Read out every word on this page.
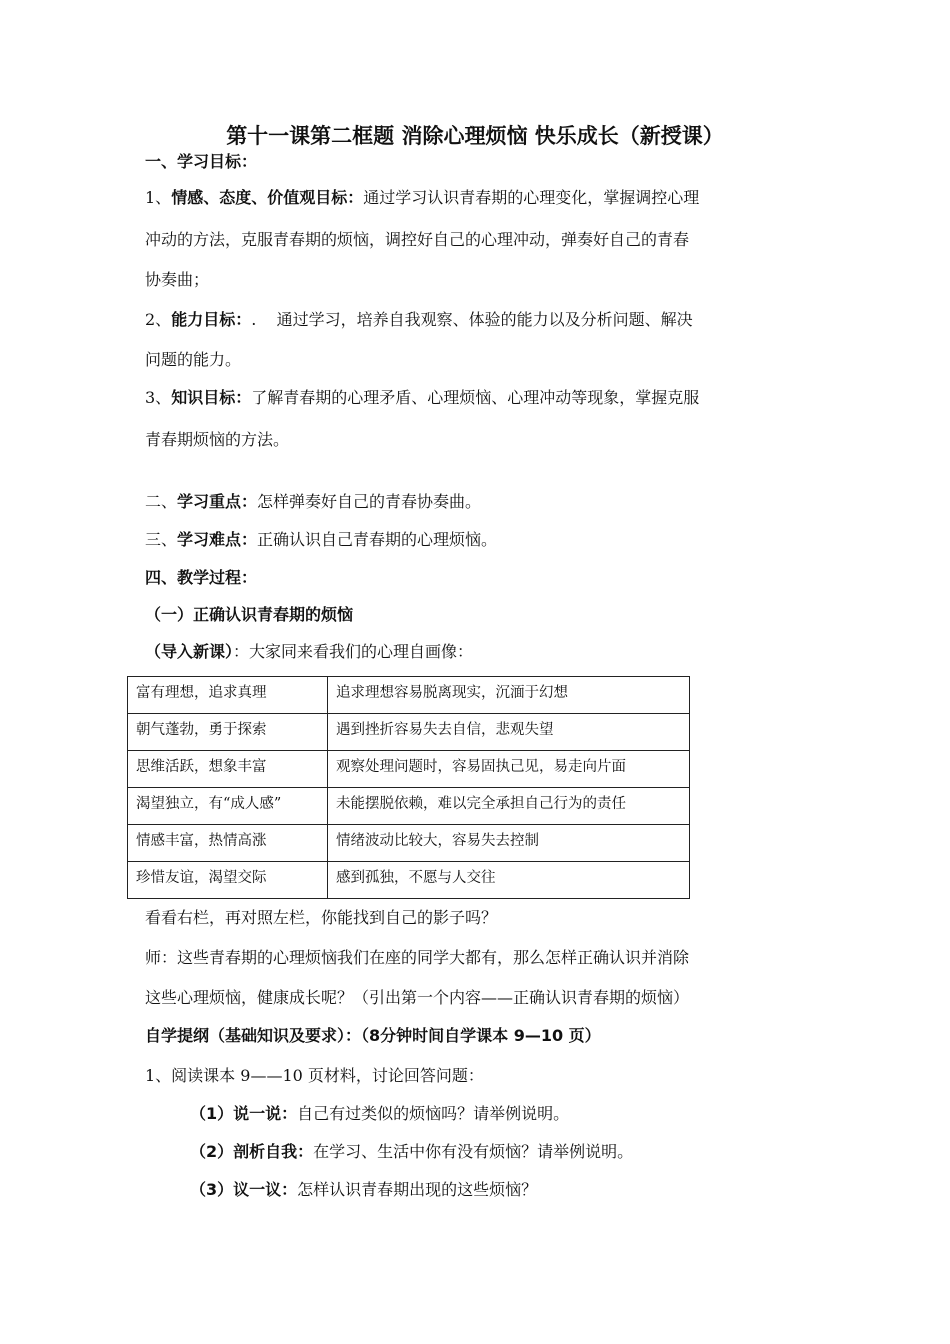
第十一课第二框题 消除心理烦恼 快乐成长（新授课）
一、学习目标：
1、情感、态度、价值观目标：通过学习认识青春期的心理变化，掌握调控心理
冲动的方法，克服青春期的烦恼，调控好自己的心理冲动，弹奏好自己的青春
协奏曲；
2、能力目标：.    通过学习，培养自我观察、体验的能力以及分析问题、解决
问题的能力。
3、知识目标：了解青春期的心理矛盾、心理烦恼、心理冲动等现象，掌握克服
青春期烦恼的方法。
二、学习重点：怎样弹奏好自己的青春协奏曲。
三、学习难点：正确认识自己青春期的心理烦恼。
四、教学过程：
（一）正确认识青春期的烦恼
（导入新课）：大家同来看我们的心理自画像：
富有理想，追求真理	追求理想容易脱离现实，沉湎于幻想
朝气蓬勃，勇于探索	遇到挫折容易失去自信，悲观失望
思维活跃，想象丰富	观察处理问题时，容易固执己见，易走向片面
渴望独立，有“成人感”	未能摆脱依赖，难以完全承担自己行为的责任
情感丰富，热情高涨	情绪波动比较大，容易失去控制
珍惜友谊，渴望交际	感到孤独，不愿与人交往
看看右栏，再对照左栏，你能找到自己的影子吗？
师：这些青春期的心理烦恼我们在座的同学大都有，那么怎样正确认识并消除
这些心理烦恼，健康成长呢？（引出第一个内容——正确认识青春期的烦恼）
自学提纲（基础知识及要求）：（8分钟时间自学课本 9—10 页）
1、阅读课本 9——10 页材料，讨论回答问题：
（1）说一说：自己有过类似的烦恼吗？请举例说明。
（2）剖析自我：在学习、生活中你有没有烦恼？请举例说明。
（3）议一议：怎样认识青春期出现的这些烦恼？
